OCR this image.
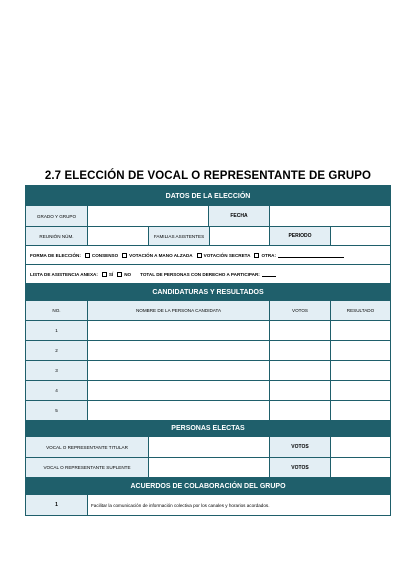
2.7 ELECCIÓN DE VOCAL O REPRESENTANTE DE GRUPO
DATOS DE LA ELECCIÓN
GRADO Y GRUPO	FECHA
REUNIÓN NÚM.	FAMILIAS ASISTENTES	PERIODO
FORMA DE ELECCIÓN: CONSENSO VOTACIÓN A MANO ALZADA VOTACIÓN SECRETA OTRA:
LISTA DE ASISTENCIA ANEXA: SÍ NO TOTAL DE PERSONAS CON DERECHO A PARTICIPAR:
CANDIDATURAS Y RESULTADOS
NO.	NOMBRE DE LA PERSONA CANDIDATA	VOTOS	RESULTADO
1
2
3
4
5
PERSONAS ELECTAS
VOCAL O REPRESENTANTE TITULAR	VOTOS
VOCAL O REPRESENTANTE SUPLENTE	VOTOS
ACUERDOS DE COLABORACIÓN DEL GRUPO
1	Facilitar la comunicación de información colectiva por los canales y horarios acordados.
